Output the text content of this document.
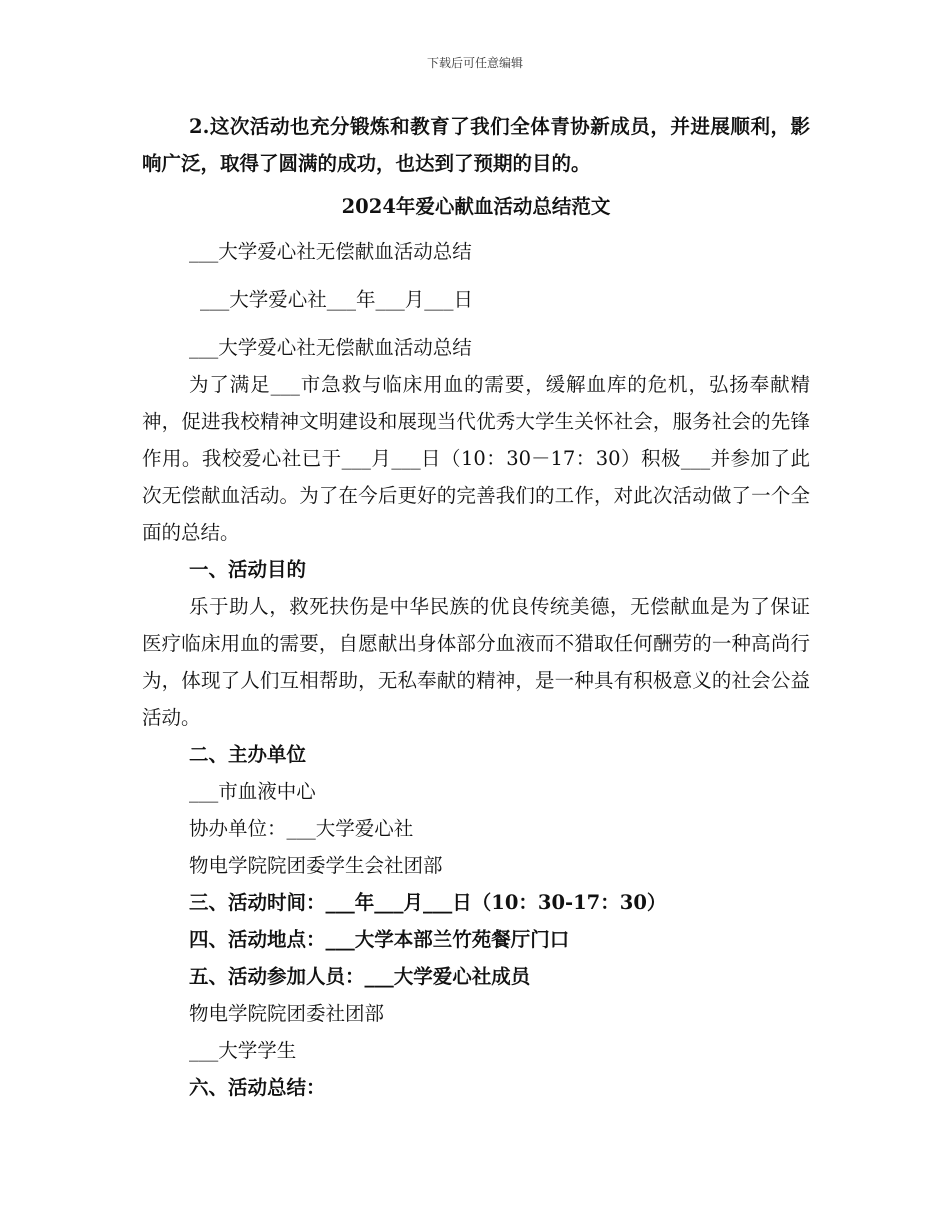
下载后可任意编辑

2.这次活动也充分锻炼和教育了我们全体青协新成员，并进展顺利，影响广泛，取得了圆满的成功，也达到了预期的目的。

2024年爱心献血活动总结范文

___大学爱心社无偿献血活动总结

___大学爱心社___年___月___日

___大学爱心社无偿献血活动总结

为了满足___市急救与临床用血的需要，缓解血库的危机，弘扬奉献精神，促进我校精神文明建设和展现当代优秀大学生关怀社会，服务社会的先锋作用。我校爱心社已于___月___日（10：30－17：30）积极___并参加了此次无偿献血活动。为了在今后更好的完善我们的工作，对此次活动做了一个全面的总结。

一、活动目的

乐于助人，救死扶伤是中华民族的优良传统美德，无偿献血是为了保证医疗临床用血的需要，自愿献出身体部分血液而不猎取任何酬劳的一种高尚行为，体现了人们互相帮助，无私奉献的精神，是一种具有积极意义的社会公益活动。

二、主办单位

___市血液中心

协办单位：___大学爱心社

物电学院院团委学生会社团部

三、活动时间：___年___月___日（10：30-17：30）

四、活动地点：___大学本部兰竹苑餐厅门口

五、活动参加人员：___大学爱心社成员

物电学院院团委社团部

___大学学生

六、活动总结：
